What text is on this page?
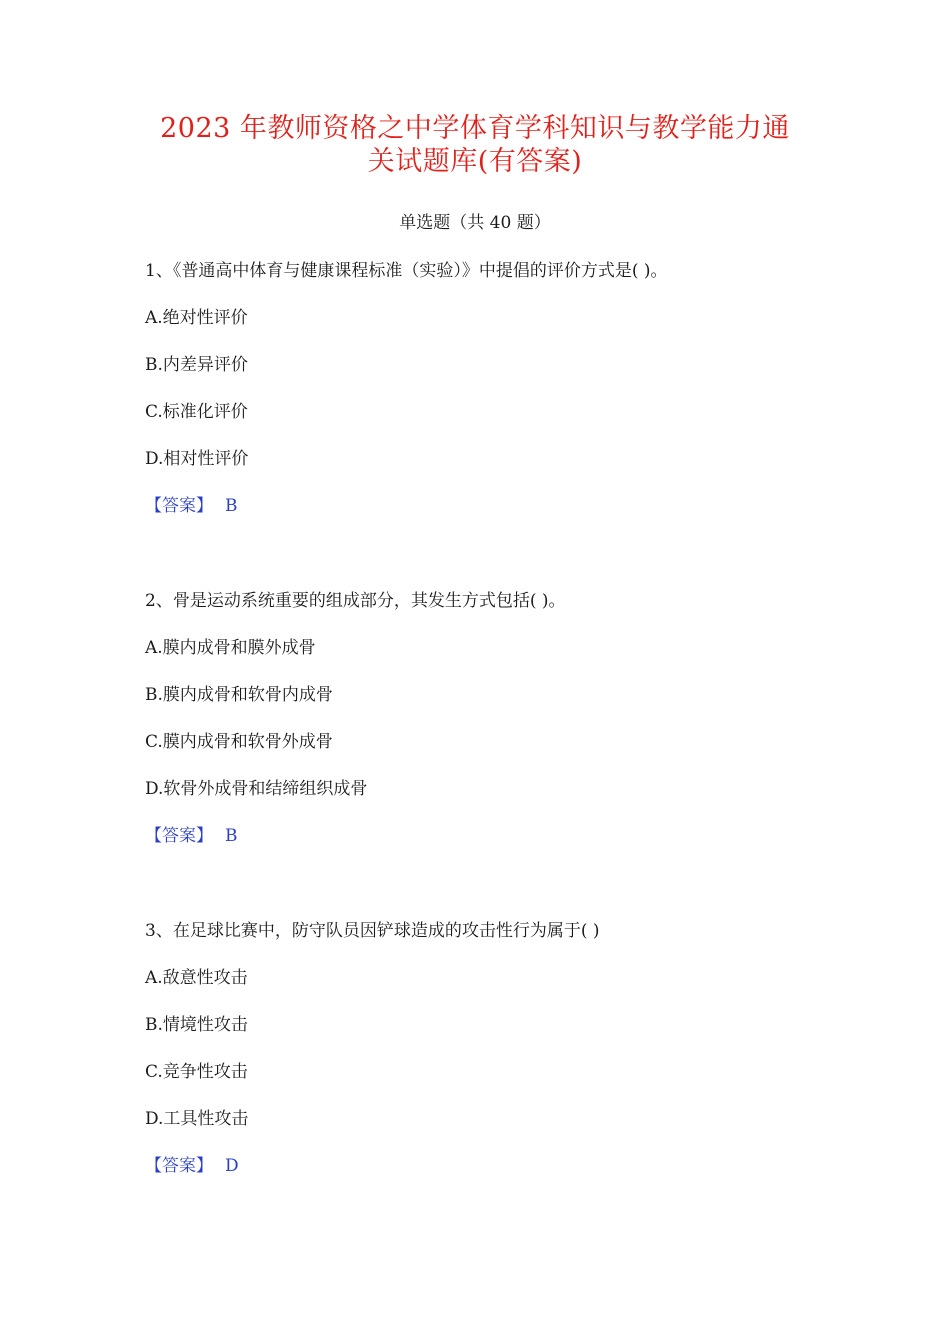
2023 年教师资格之中学体育学科知识与教学能力通
关试题库(有答案)
单选题（共 40 题）
1、《普通高中体育与健康课程标准（实验）》中提倡的评价方式是( )。
A.绝对性评价
B.内差异评价
C.标准化评价
D.相对性评价
【答案】 B
2、骨是运动系统重要的组成部分，其发生方式包括( )。
A.膜内成骨和膜外成骨
B.膜内成骨和软骨内成骨
C.膜内成骨和软骨外成骨
D.软骨外成骨和结缔组织成骨
【答案】 B
3、在足球比赛中，防守队员因铲球造成的攻击性行为属于( )
A.敌意性攻击
B.情境性攻击
C.竞争性攻击
D.工具性攻击
【答案】 D
